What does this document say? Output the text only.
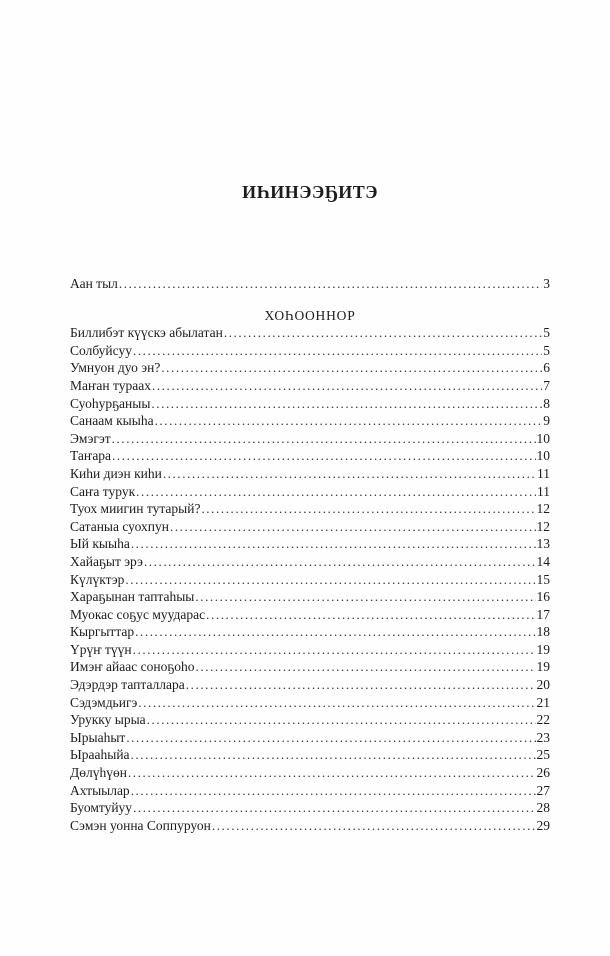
ИҺИНЭЭҔИТЭ
Аан тыл .....	3
ХОҺООННОР
Биллибэт күүскэ абылатан .....	5
Солбуйсуу .....	5
Умнуон дуо эн? .....	6
Маҥан тураах .....	7
Суоһурҕаныы .....	8
Санаам кыыһа .....	9
Эмэгэт .....	10
Таҥара .....	10
Киһи диэн киһи .....	11
Саҥа турук .....	11
Туох миигин тутарый? .....	12
Сатаныа суохпун .....	12
Ый кыыһа .....	13
Хайаҕыт эрэ .....	14
Күлүктэр .....	15
Хараҕынан таптаһыы .....	16
Муокас соҕус муударас .....	17
Кыргыттар .....	18
Үрүҥ түүн .....	19
Имэҥ айаас соноҕоһо .....	19
Эдэрдэр тапталлара .....	20
Сэдэмдьигэ .....	21
Урукку ырыа .....	22
Ырыаһыт .....	23
Ырааһыйа .....	25
Дөлүһүөн .....	26
Ахтыылар .....	27
Буомтуйуу .....	28
Сэмэн уонна Соппуруон .....	29
